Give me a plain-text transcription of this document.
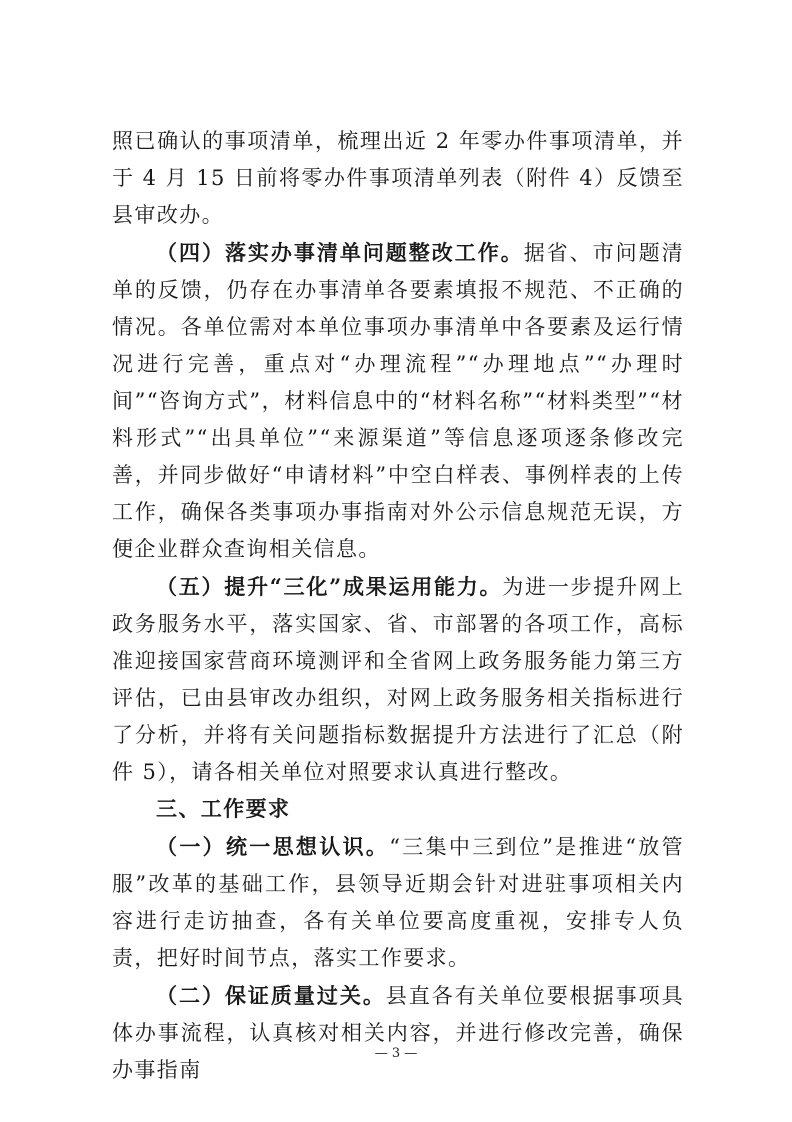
照已确认的事项清单，梳理出近 2 年零办件事项清单，并于 4 月 15 日前将零办件事项清单列表（附件 4）反馈至县审改办。

（四）落实办事清单问题整改工作。据省、市问题清单的反馈，仍存在办事清单各要素填报不规范、不正确的情况。各单位需对本单位事项办事清单中各要素及运行情况进行完善，重点对“办理流程”“办理地点”“办理时间”“咨询方式”，材料信息中的“材料名称”“材料类型”“材料形式”“出具单位”“来源渠道”等信息逐项逐条修改完善，并同步做好“申请材料”中空白样表、事例样表的上传工作，确保各类事项办事指南对外公示信息规范无误，方便企业群众查询相关信息。

（五）提升“三化”成果运用能力。为进一步提升网上政务服务水平，落实国家、省、市部署的各项工作，高标准迎接国家营商环境测评和全省网上政务服务能力第三方评估，已由县审改办组织，对网上政务服务相关指标进行了分析，并将有关问题指标数据提升方法进行了汇总（附件 5），请各相关单位对照要求认真进行整改。

三、工作要求

（一）统一思想认识。“三集中三到位”是推进“放管服”改革的基础工作，县领导近期会针对进驻事项相关内容进行走访抽查，各有关单位要高度重视，安排专人负责，把好时间节点，落实工作要求。

（二）保证质量过关。县直各有关单位要根据事项具体办事流程，认真核对相关内容，并进行修改完善，确保办事指南

— 3 —
